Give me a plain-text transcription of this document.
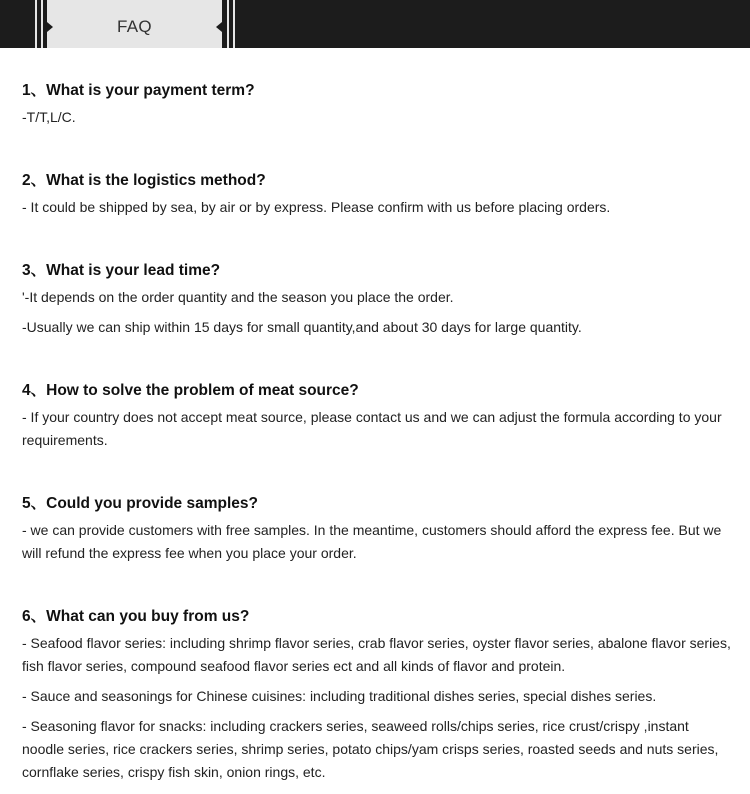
FAQ
1、What is your payment term?

-T/T,L/C.

2、What is the logistics method?

- It could be shipped by sea, by air or by express. Please confirm with us before placing orders.

3、What is your lead time?

'-It depends on the order quantity and the season you place the order.

-Usually we can ship within 15 days for small quantity,and about 30 days for large quantity.

4、How to solve the problem of meat source?

- If your country does not accept meat source, please contact us and we can adjust the formula according to your requirements.

5、Could you provide samples?

- we can provide customers with free samples. In the meantime, customers should afford the express fee. But we will refund the express fee when you place your order.

6、What can you buy from us?

- Seafood flavor series: including shrimp flavor series, crab flavor series, oyster flavor series, abalone flavor series, fish flavor series, compound seafood flavor series ect and all kinds of flavor and protein.

- Sauce and seasonings for Chinese cuisines: including traditional dishes series, special dishes series.

- Seasoning flavor for snacks: including crackers series, seaweed rolls/chips series, rice crust/crispy ,instant noodle series, rice crackers series, shrimp series, potato chips/yam crisps series, roasted seeds and nuts series, cornflake series, crispy fish skin, onion rings, etc.
